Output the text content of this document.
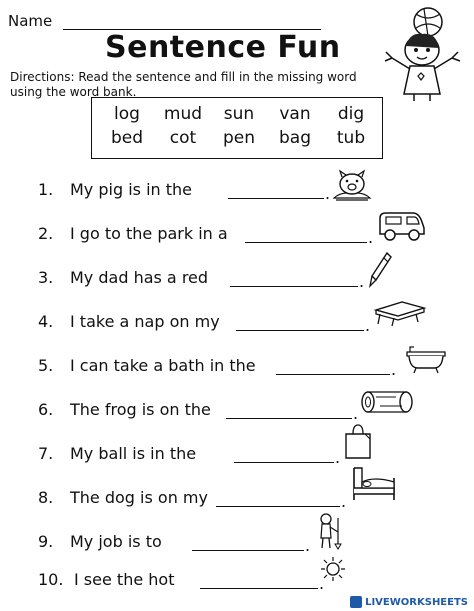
Name
Sentence Fun
Directions: Read the sentence and fill in the missing word using the word bank.
log	mud	sun	van	dig
bed	cot	pen	bag	tub
1. My pig is in the	.
2. I go to the park in a	.
3. My dad has a red	.
4. I take a nap on my	.
5. I can take a bath in the	.
6. The frog is on the	.
7. My ball is in the	.
8. The dog is on my	.
9. My job is to	.
10. I see the hot	.
LIVEWORKSHEETS
